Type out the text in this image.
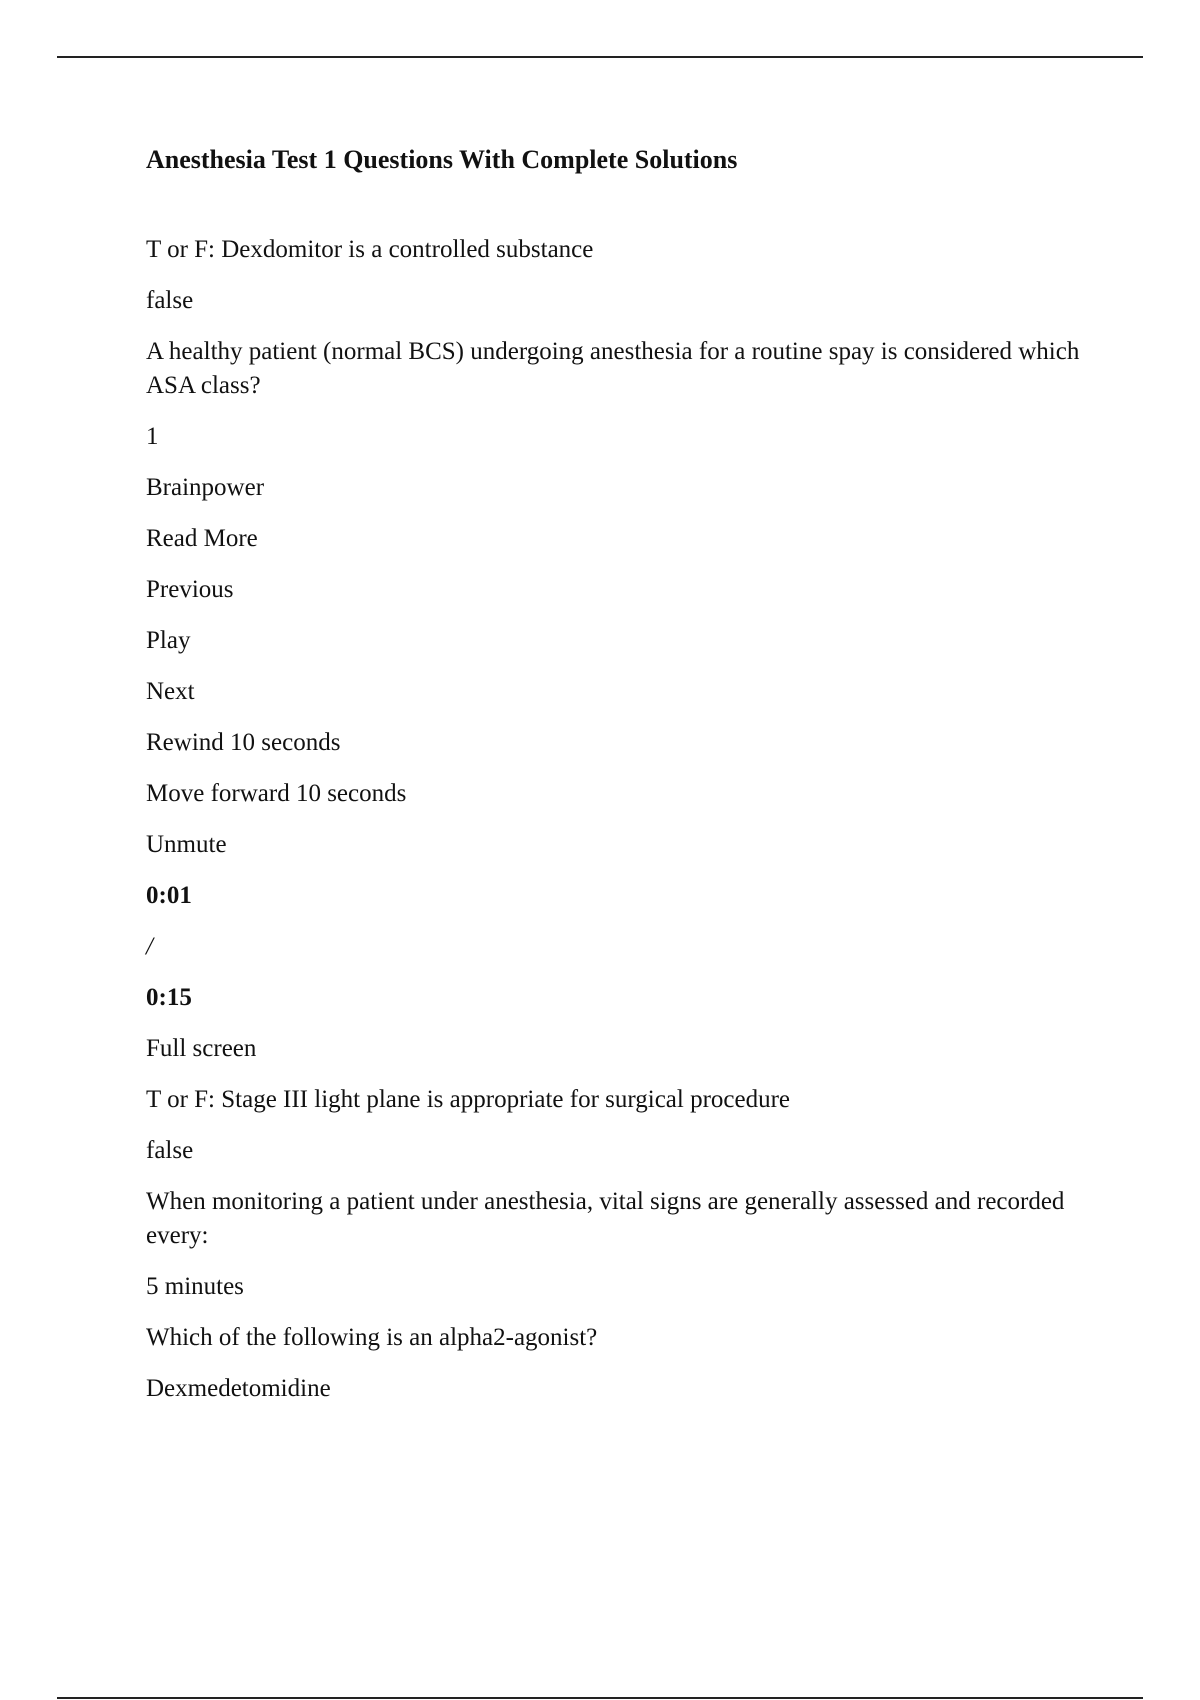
Anesthesia Test 1 Questions With Complete Solutions
T or F: Dexdomitor is a controlled substance
false
A healthy patient (normal BCS) undergoing anesthesia for a routine spay is considered which ASA class?
1
Brainpower
Read More
Previous
Play
Next
Rewind 10 seconds
Move forward 10 seconds
Unmute
0:01
/
0:15
Full screen
T or F: Stage III light plane is appropriate for surgical procedure
false
When monitoring a patient under anesthesia, vital signs are generally assessed and recorded every:
5 minutes
Which of the following is an alpha2-agonist?
Dexmedetomidine
